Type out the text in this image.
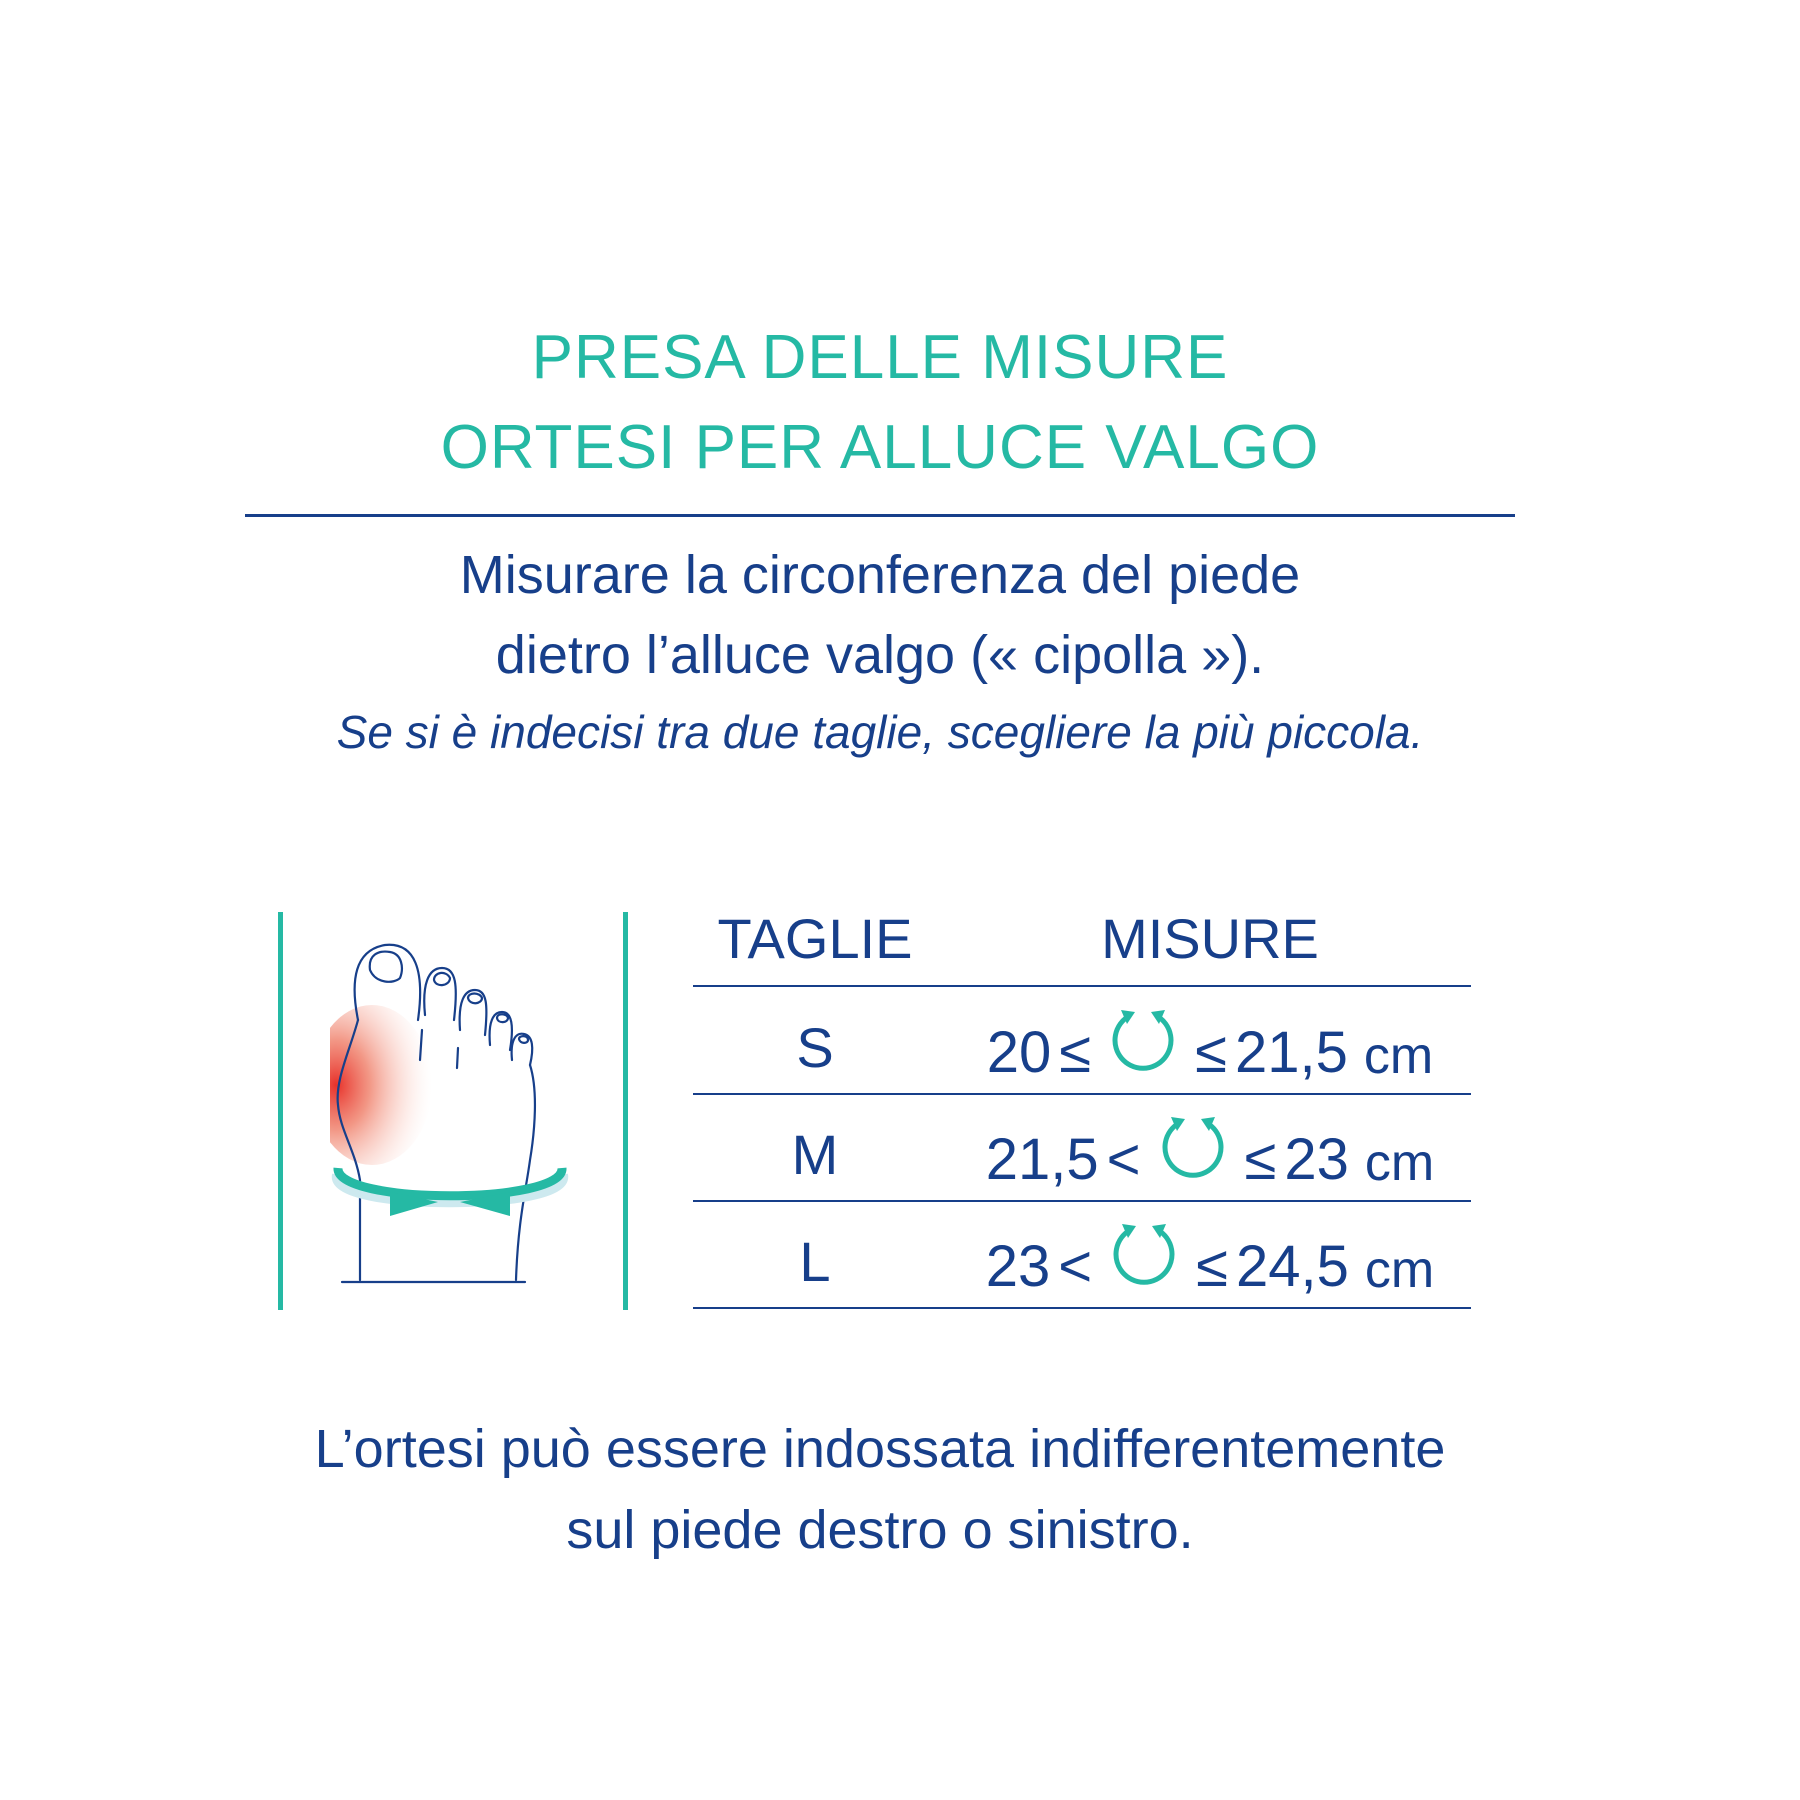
PRESA DELLE MISURE
ORTESI PER ALLUCE VALGO
Misurare la circonferenza del piede
dietro l’alluce valgo (« cipolla »).
Se si è indecisi tra due taglie, scegliere la più piccola.
TAGLIE	MISURE
S
M
L
20 ≤ ≤ 21,5 cm
21,5 < ≤ 23 cm
23 < ≤ 24,5 cm
L’ortesi può essere indossata indifferentemente
sul piede destro o sinistro.
